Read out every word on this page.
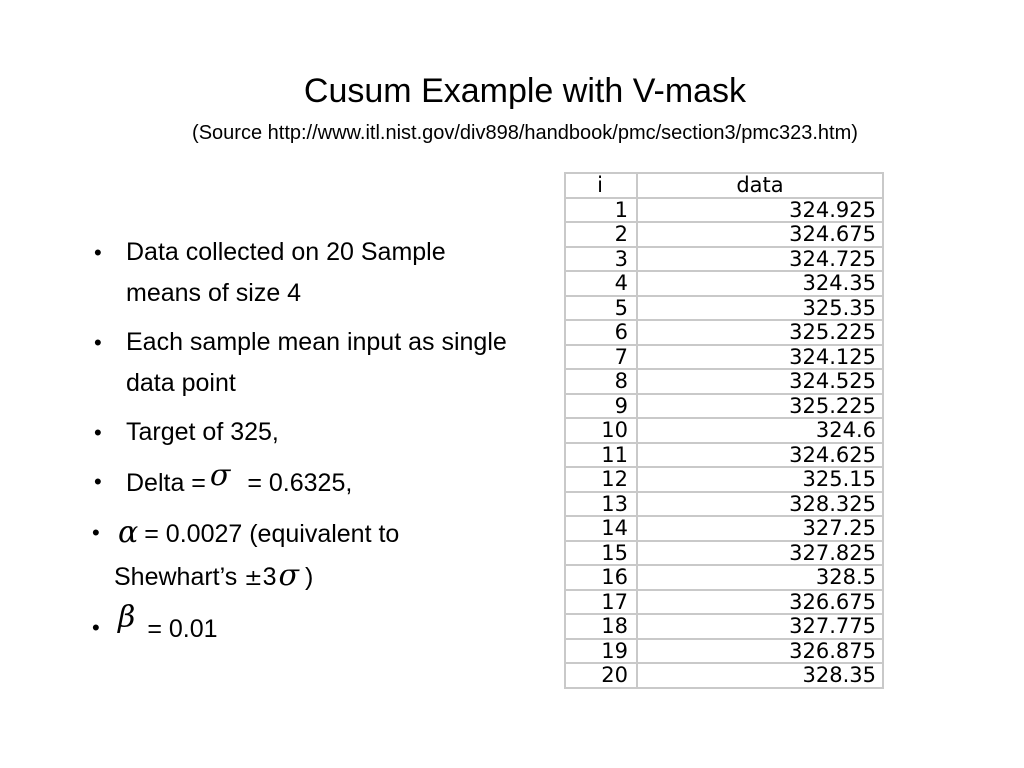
Cusum Example with V-mask
(Source http://www.itl.nist.gov/div898/handbook/pmc/section3/pmc323.htm)
• Data collected on 20 Sample means of size 4
• Each sample mean input as single data point
• Target of 325,
• Delta = σ = 0.6325,
• α = 0.0027 (equivalent to Shewhart’s ±3σ )
• β = 0.01
i	data
1	324.925
2	324.675
3	324.725
4	324.35
5	325.35
6	325.225
7	324.125
8	324.525
9	325.225
10	324.6
11	324.625
12	325.15
13	328.325
14	327.25
15	327.825
16	328.5
17	326.675
18	327.775
19	326.875
20	328.35
